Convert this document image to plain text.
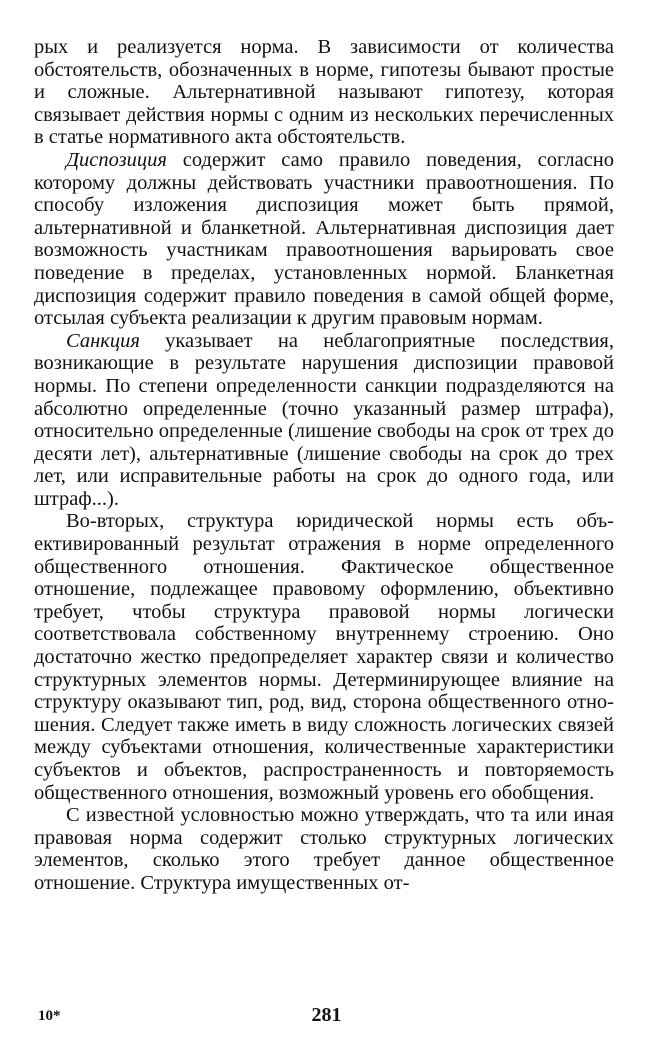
рых и реализуется норма. В зависимости от количества обстоятельств, обозначенных в норме, гипотезы бывают простые и сложные. Альтернативной называют гипотезу, которая связывает действия нормы с одним из нескольких перечисленных в статье нормативного акта обстоятельств.

Диспозиция содержит само правило поведения, согласно которому должны действовать участники правоотношения. По способу изложения диспозиция может быть прямой, альтернативной и бланкетной. Альтернативная диспозиция дает возможность участникам правоотношения варьировать свое поведение в пределах, установленных нормой. Бланкетная диспозиция содержит правило поведения в самой общей форме, отсылая субъекта реализации к другим правовым нормам.

Санкция указывает на неблагоприятные последствия, возникающие в результате нарушения диспозиции правовой нормы. По степени определенности санкции подразделяются на абсолютно определенные (точно указанный размер штрафа), относительно определенные (лишение свободы на срок от трех до десяти лет), альтернативные (лишение свободы на срок до трех лет, или исправительные работы на срок до одного года, или штраф...).

Во-вторых, структура юридической нормы есть объективированный результат отражения в норме определенного общественного отношения. Фактическое общественное отношение, подлежащее правовому оформлению, объективно требует, чтобы структура правовой нормы логически соответствовала собственному внутреннему строению. Оно достаточно жестко предопределяет характер связи и количество структурных элементов нормы. Детерминирующее влияние на структуру оказывают тип, род, вид, сторона общественного отношения. Следует также иметь в виду сложность логических связей между субъектами отношения, количественные характеристики субъектов и объектов, распространенность и повторяемость общественного отношения, возможный уровень его обобщения.

С известной условностью можно утверждать, что та или иная правовая норма содержит столько структурных логических элементов, сколько этого требует данное общественное отношение. Структура имущественных от-

10*	281
